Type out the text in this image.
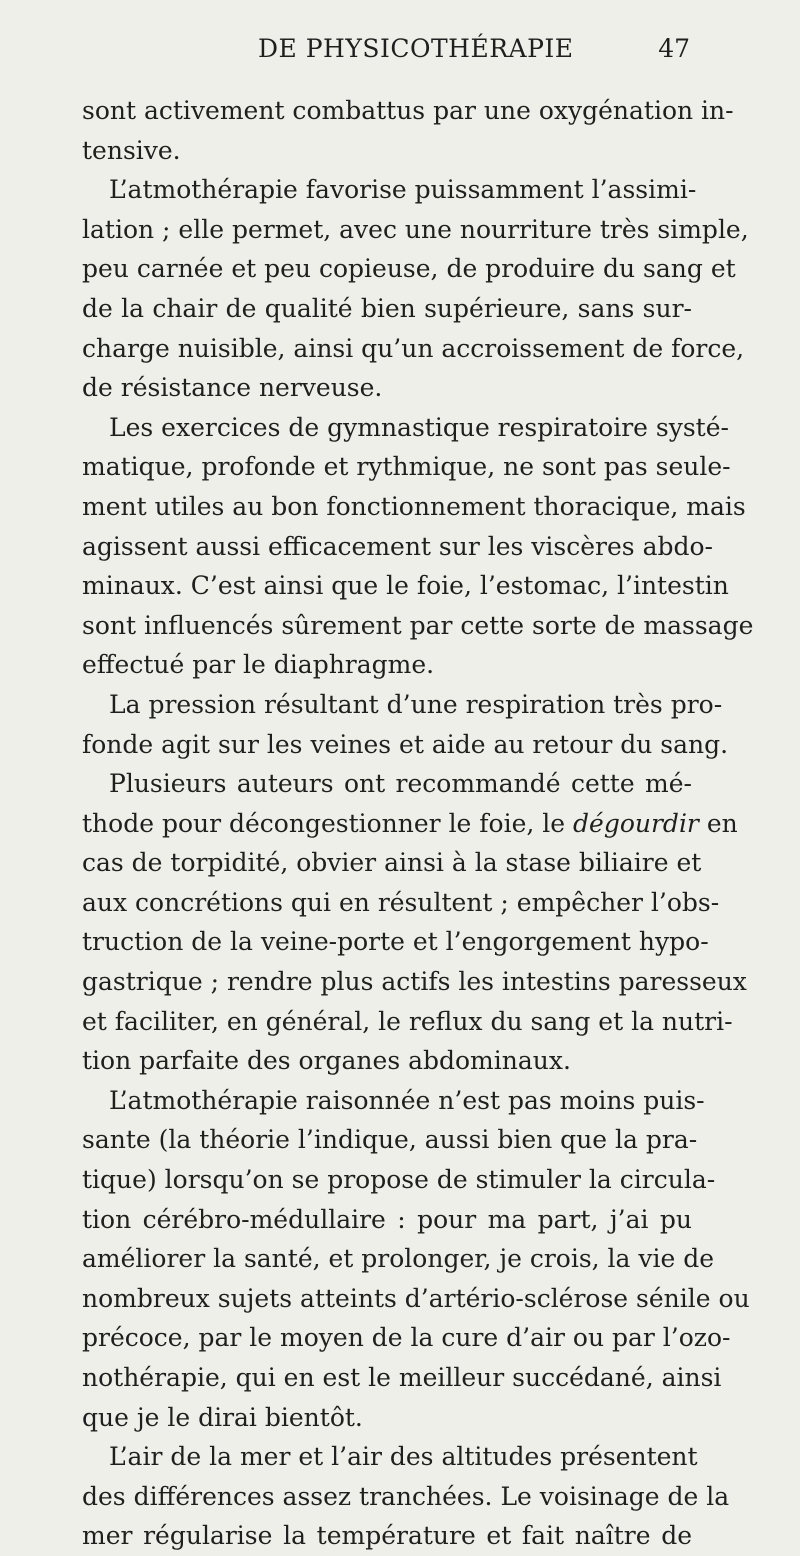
DE PHYSICOTHÉRAPIE	47
sont activement combattus par une oxygénation in-
tensive.
L’atmothérapie favorise puissamment l’assimi-
lation ; elle permet, avec une nourriture très simple,
peu carnée et peu copieuse, de produire du sang et
de la chair de qualité bien supérieure, sans sur-
charge nuisible, ainsi qu’un accroissement de force,
de résistance nerveuse.
Les exercices de gymnastique respiratoire systé-
matique, profonde et rythmique, ne sont pas seule-
ment utiles au bon fonctionnement thoracique, mais
agissent aussi efficacement sur les viscères abdo-
minaux. C’est ainsi que le foie, l’estomac, l’intestin
sont influencés sûrement par cette sorte de massage
effectué par le diaphragme.
La pression résultant d’une respiration très pro-
fonde agit sur les veines et aide au retour du sang.
Plusieurs auteurs ont recommandé cette mé-
thode pour décongestionner le foie, le dégourdir en
cas de torpidité, obvier ainsi à la stase biliaire et
aux concrétions qui en résultent ; empêcher l’obs-
truction de la veine-porte et l’engorgement hypo-
gastrique ; rendre plus actifs les intestins paresseux
et faciliter, en général, le reflux du sang et la nutri-
tion parfaite des organes abdominaux.
L’atmothérapie raisonnée n’est pas moins puis-
sante (la théorie l’indique, aussi bien que la pra-
tique) lorsqu’on se propose de stimuler la circula-
tion cérébro-médullaire : pour ma part, j’ai pu
améliorer la santé, et prolonger, je crois, la vie de
nombreux sujets atteints d’artério-sclérose sénile ou
précoce, par le moyen de la cure d’air ou par l’ozo-
nothérapie, qui en est le meilleur succédané, ainsi
que je le dirai bientôt.
L’air de la mer et l’air des altitudes présentent
des différences assez tranchées. Le voisinage de la
mer régularise la température et fait naître de
